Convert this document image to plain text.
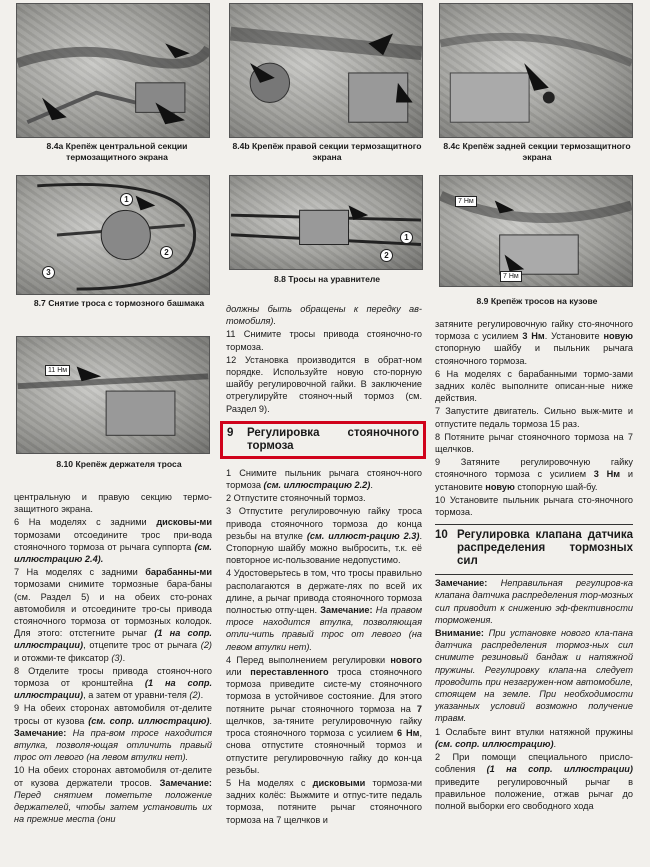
8.4a Крепёж центральной секции термозащитного экрана
8.4b Крепёж правой секции термозащитного экрана
8.4c Крепёж задней секции термозащитного экрана
1
2
3
8.7 Снятие троса с тормозного башмака
1
2
8.8 Тросы на уравнителе
7 Нм
7 Нм
8.9 Крепёж тросов на кузове
11 Нм
8.10 Крепёж держателя троса

центральную и правую секцию термо- защитного экрана.

6 На моделях с задними дисковы-ми тормозами отсоедините трос при-вода стояночного тормоза от рычага суппорта (см. иллюстрацию 2.4).

7 На моделях с задними барабанны-ми тормозами снимите тормозные бара-баны (см. Раздел 5) и на обеих сто-ронах автомобиля и отсоедините тро-сы привода стояночного тормоза от тормозных колодок. Для этого: отстегните рычаг (1 на сопр. иллюстрации), отцепите трос от рычага (2) и отожми-те фиксатор (3).

8 Отделите тросы привода стояноч-ного тормоза от кронштейна (1 на сопр. иллюстрации), а затем от уравни-теля (2).

9 На обеих сторонах автомобиля от-делите тросы от кузова (см. сопр. иллюстрацию). Замечание: На пра-вом тросе находится втулка, позволя-ющая отличить правый трос от левого (на левом втулки нет).

10 На обеих сторонах автомобиля от-делите от кузова держатели тросов. Замечание: Перед снятием пометьте положение держателей, чтобы затем установить их на прежние места (они

должны быть обращены к передку ав-томобиля).

11 Снимите тросы привода стояночно-го тормоза.

12 Установка производится в обрат-ном порядке. Используйте новую сто-порную шайбу регулировочной гайки. В заключение отрегулируйте стояноч-ный тормоз (см. Раздел 9).

9	Регулировка стояночного тормоза

1 Снимите пыльник рычага стояноч-ного тормоза (см. иллюстрацию 2.2).

2 Отпустите стояночный тормоз.

3 Отпустите регулировочную гайку троса привода стояночного тормоза до конца резьбы на втулке (см. иллюст-рацию 2.3). Стопорную шайбу можно выбросить, т.к. её повторное ис-пользование недопустимо.

4 Удостоверьтесь в том, что тросы правильно располагаются в держате-лях по всей их длине, а рычаг привода стояночного тормоза полностью отпу-щен. Замечание: На правом тросе находится втулка, позволяющая отли-чить правый трос от левого (на левом втулки нет).

4 Перед выполнением регулировки нового или переставленного троса стояночного тормоза приведите систе-му стояночного тормоза в устойчивое состояние. Для этого потяните рычаг стояночного тормоза на 7 щелчков, за-тяните регулировочную гайку троса стояночного тормоза с усилием 6 Нм, снова отпустите стояночный тормоз и отпустите регулировочную гайку до кон-ца резьбы.

5 На моделях с дисковыми тормоза-ми задних колёс: Выжмите и отпус-тите педаль тормоза, потяните рычаг стояночного тормоза на 7 щелчков и

затяните регулировочную гайку сто-яночного тормоза с усилием 3 Нм. Установите новую стопорную шайбу и пыльник рычага стояночного тормоза.

6 На моделях с барабанными тормо-зами задних колёс выполните описан-ные ниже действия.

7 Запустите двигатель. Сильно выж-мите и отпустите педаль тормоза 15 раз.

8 Потяните рычаг стояночного тормоза на 7 щелчков.

9 Затяните регулировочную гайку стояночного тормоза с усилием 3 Нм и установите новую стопорную шай-бу.

10 Установите пыльник рычага сто-яночного тормоза.

10 Регулировка клапана датчика распределения тормозных сил

Замечание: Неправильная регулиров-ка клапана датчика распределения тор-мозных сил приводит к снижению эф-фективности торможения.

Внимание: При установке нового кла-пана датчика распределения тормоз-ных сил снимите резиновый бандаж и натяжной пружины. Регулировку клапа-на следует проводить при незагружен-ном автомобиле, стоящем на земле. При необходимости указанных условий возможно получение травм.

1 Ослабьте винт втулки натяжной пружины (см. сопр. иллюстрацию).

2 При помощи специального присло-собления (1 на сопр. иллюстрации) приведите регулировочный рычаг в правильное положение, отжав рычаг до полной выборки его свободного хода
